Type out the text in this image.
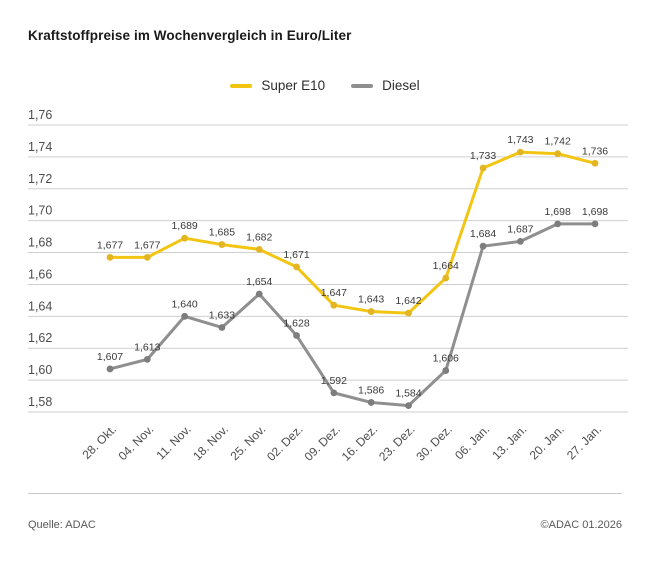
Kraftstoffpreise im Wochenvergleich in Euro/Liter
Super E10	Diesel
1,76
1,74
1,72
1,70
1,68
1,66
1,64
1,62
1,60
1,58
28. Okt.
04. Nov.
11. Nov.
18. Nov.
25. Nov.
02. Dez.
09. Dez.
16. Dez.
23. Dez.
30. Dez.
06. Jan.
13. Jan.
20. Jan.
27. Jan.
1,677 1,677
1,689
1,685 1,682
1,671
1,647
1,643 1,642
1,664
1,733
1,743 1,742
1,736
1,607
1,613
1,640
1,633
1,654
1,628
1,592
1,586 1,584
1,606
1,684 1,687
1,698 1,698
Quelle: ADAC	©ADAC 01.2026
